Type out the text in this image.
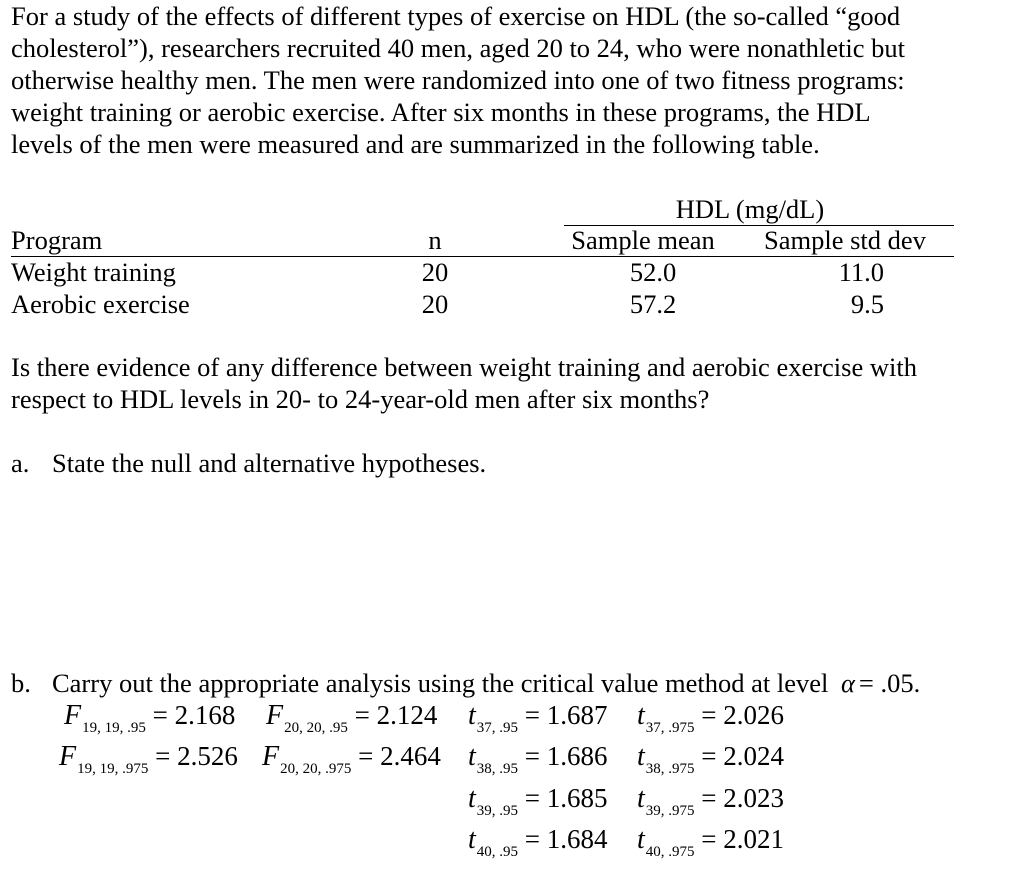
For a study of the effects of different types of exercise on HDL (the so-called “good
cholesterol”), researchers recruited 40 men, aged 20 to 24, who were nonathletic but
otherwise healthy men. The men were randomized into one of two fitness programs:
weight training or aerobic exercise. After six months in these programs, the HDL
levels of the men were measured and are summarized in the following table.
HDL (mg/dL)
Program	n	Sample mean	Sample std dev
Weight training	20	52.0	11.0
Aerobic exercise	20	57.2	9.5
Is there evidence of any difference between weight training and aerobic exercise with
respect to HDL levels in 20- to 24-year-old men after six months?
a. State the null and alternative hypotheses.
b. Carry out the appropriate analysis using the critical value method at level α = .05.
$F_{19, 19, .95} = 2.168$ $F_{20, 20, .95} = 2.124$
$F_{19, 19, .975} = 2.526$ $F_{20, 20, .975} = 2.464$
$t_{37, .95} = 1.687$ $t_{37, .975} = 2.026$
$t_{38, .95} = 1.686$ $t_{38, .975} = 2.024$
$t_{39, .95} = 1.685$ $t_{39, .975} = 2.023$
$t_{40, .95} = 1.684$ $t_{40, .975} = 2.021$
